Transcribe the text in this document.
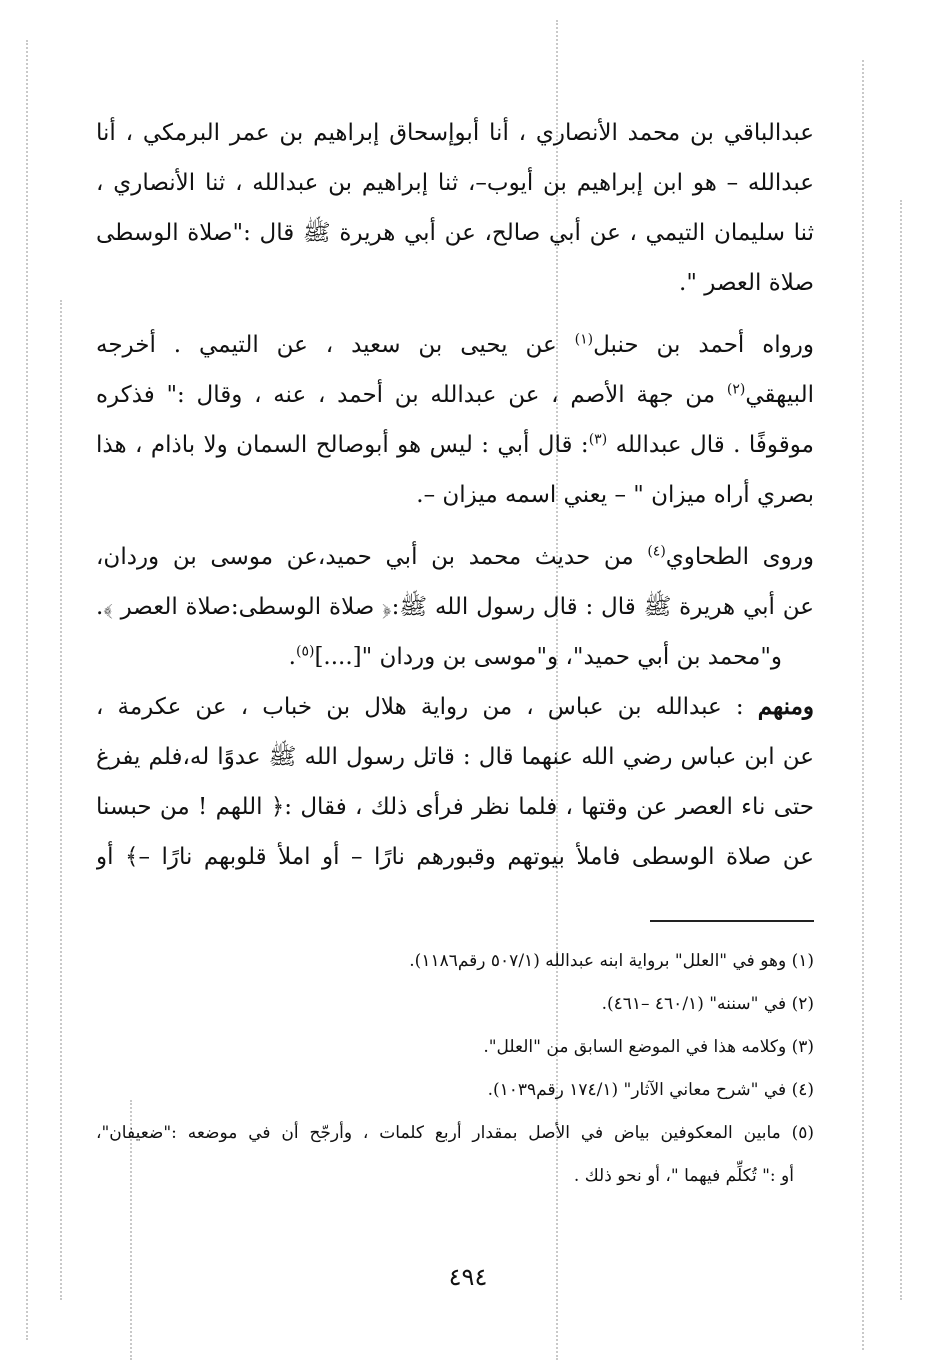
عبدالباقي بن محمد الأنصاري ، أنا أبوإسحاق إبراهيم بن عمر البرمكي ، أنا
عبدالله – هو ابن إبراهيم بن أيوب–، ثنا إبراهيم بن عبدالله ، ثنا الأنصاري ،
ثنا سليمان التيمي ، عن أبي صالح، عن أبي هريرة ﷺ قال :"صلاة الوسطى
صلاة العصر ".
ورواه أحمد بن حنبل$^{(١)}$ عن يحيى بن سعيد ، عن التيمي . أخرجه
البيهقي$^{(٢)}$ من جهة الأصم ، عن عبدالله بن أحمد ، عنه ، وقال :" فذكره
موقوفًا . قال عبدالله $^{(٣)}$: قال أبي : ليس هو أبوصالح السمان ولا باذام ، هذا
بصري أراه ميزان " – يعني اسمه ميزان –.
وروى الطحاوي$^{(٤)}$ من حديث محمد بن أبي حميد،عن موسى بن وردان،
عن أبي هريرة ﷺ قال : قال رسول الله ﷺ:﴿ صلاة الوسطى:صلاة العصر ﴾.
و"محمد بن أبي حميد"، و"موسى بن وردان "[....]$^{(٥)}$.
ومنهم : عبدالله بن عباس ، من رواية هلال بن خباب ، عن عكرمة ،
عن ابن عباس رضي الله عنهما قال : قاتل رسول الله ﷺ عدوًا له،فلم يفرغ
حتى ناء العصر عن وقتها ، فلما نظر فرأى ذلك ، فقال :﴿ اللهم ! من حبسنا
عن صلاة الوسطى فاملأ بيوتهم وقبورهم نارًا – أو املأ قلوبهم نارًا –﴾ أو
(١) وهو في "العلل" برواية ابنه عبدالله (٥٠٧/١ رقم١١٨٦).
(٢) في "سننه" (٤٦٠/١ –٤٦١).
(٣) وكلامه هذا في الموضع السابق من "العلل".
(٤) في "شرح معاني الآثار" (١٧٤/١ رقم١٠٣٩).
(٥) مابين المعكوفين بياض في الأصل بمقدار أربع كلمات ، وأرجّح أن في موضعه :"ضعيفان"،
أو :" تُكلِّم فيهما "، أو نحو ذلك .
٤٩٤
